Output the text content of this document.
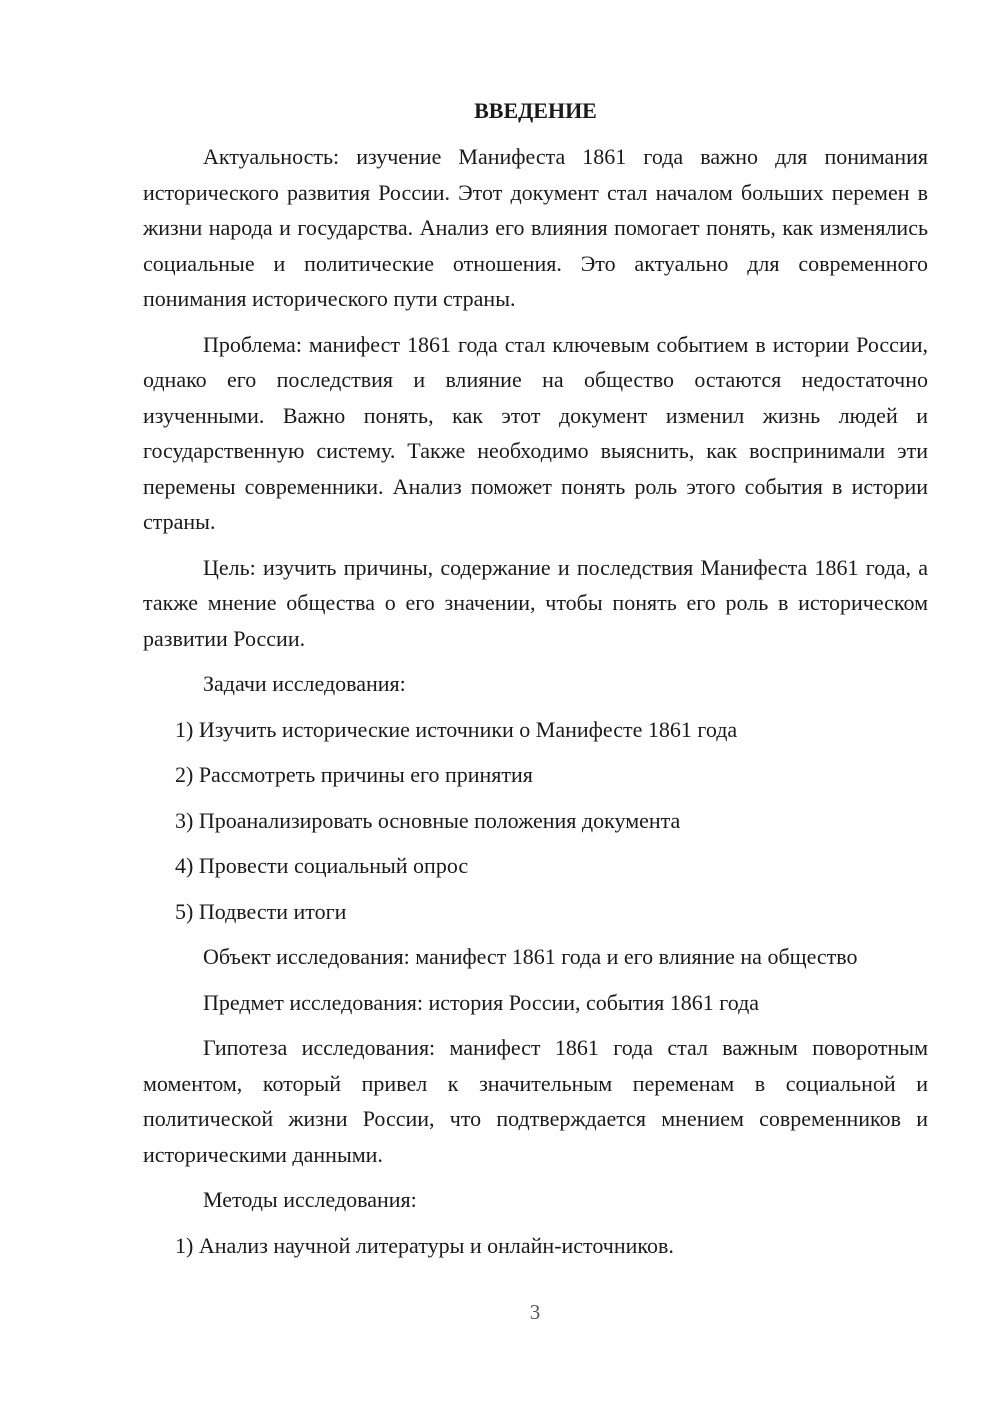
ВВЕДЕНИЕ

Актуальность: изучение Манифеста 1861 года важно для понимания исторического развития России. Этот документ стал началом больших перемен в жизни народа и государства. Анализ его влияния помогает понять, как изменялись социальные и политические отношения. Это актуально для современного понимания исторического пути страны.

Проблема: манифест 1861 года стал ключевым событием в истории России, однако его последствия и влияние на общество остаются недостаточно изученными. Важно понять, как этот документ изменил жизнь людей и государственную систему. Также необходимо выяснить, как воспринимали эти перемены современники. Анализ поможет понять роль этого события в истории страны.

Цель: изучить причины, содержание и последствия Манифеста 1861 года, а также мнение общества о его значении, чтобы понять его роль в историческом развитии России.

Задачи исследования:

1) Изучить исторические источники о Манифесте 1861 года
2) Рассмотреть причины его принятия
3) Проанализировать основные положения документа
4) Провести социальный опрос
5) Подвести итоги

Объект исследования: манифест 1861 года и его влияние на общество

Предмет исследования: история России, события 1861 года

Гипотеза исследования: манифест 1861 года стал важным поворотным моментом, который привел к значительным переменам в социальной и политической жизни России, что подтверждается мнением современников и историческими данными.

Методы исследования:

1) Анализ научной литературы и онлайн-источников.
3
